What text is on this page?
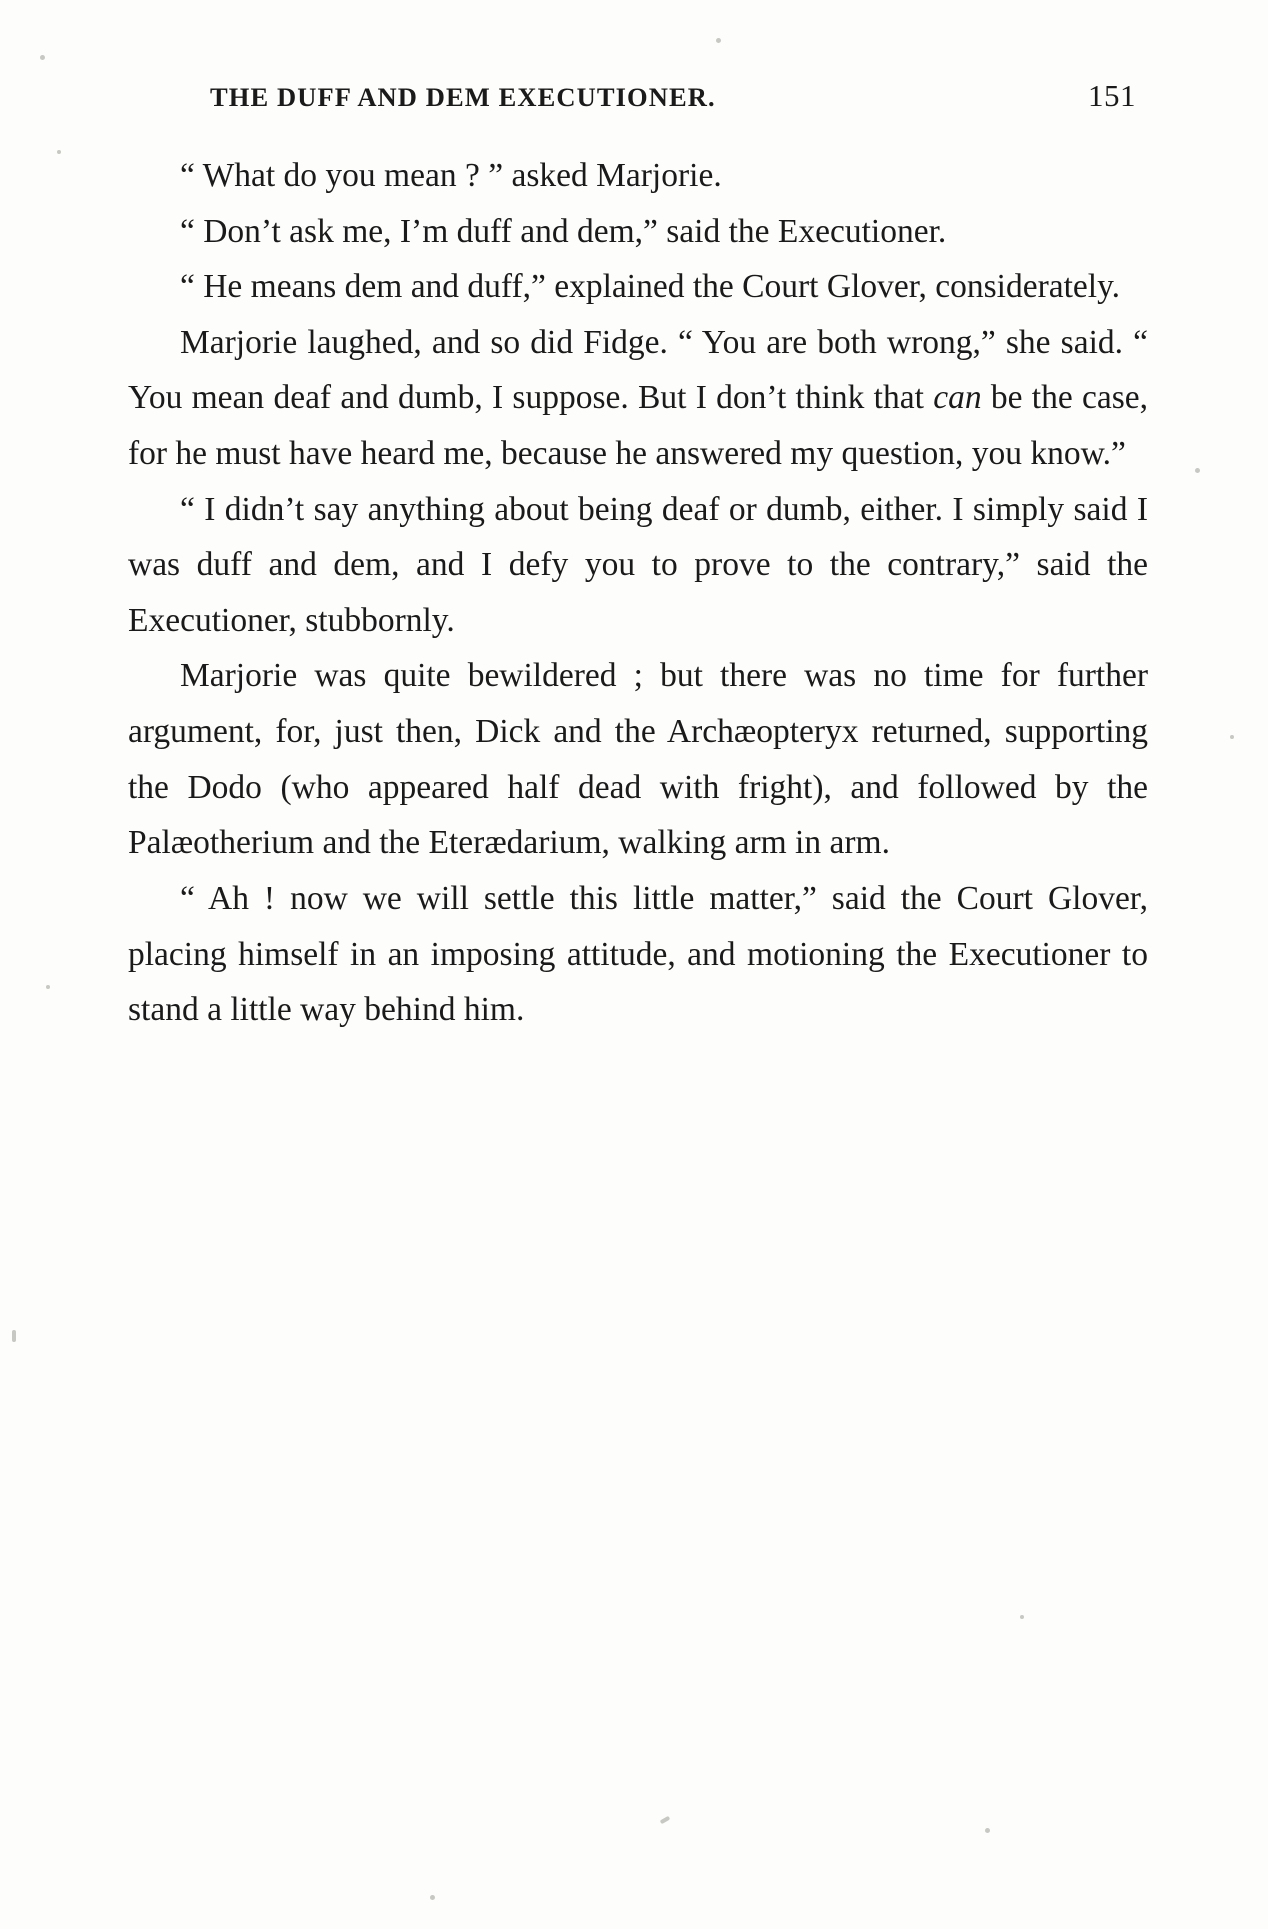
THE DUFF AND DEM EXECUTIONER.	151

“ What do you mean ? ” asked Marjorie.

“ Don’t ask me, I’m duff and dem,” said the Executioner.

“ He means dem and duff,” explained the Court Glover, considerately.

Marjorie laughed, and so did Fidge. “ You are both wrong,” she said. “ You mean deaf and dumb, I suppose. But I don’t think that can be the case, for he must have heard me, because he answered my question, you know.”

“ I didn’t say anything about being deaf or dumb, either. I simply said I was duff and dem, and I defy you to prove to the contrary,” said the Executioner, stubbornly.

Marjorie was quite bewildered ; but there was no time for further argument, for, just then, Dick and the Archæopteryx returned, supporting the Dodo (who appeared half dead with fright), and followed by the Palæotherium and the Eterædarium, walking arm in arm.

“ Ah ! now we will settle this little matter,” said the Court Glover, placing himself in an imposing attitude, and motioning the Executioner to stand a little way behind him.
